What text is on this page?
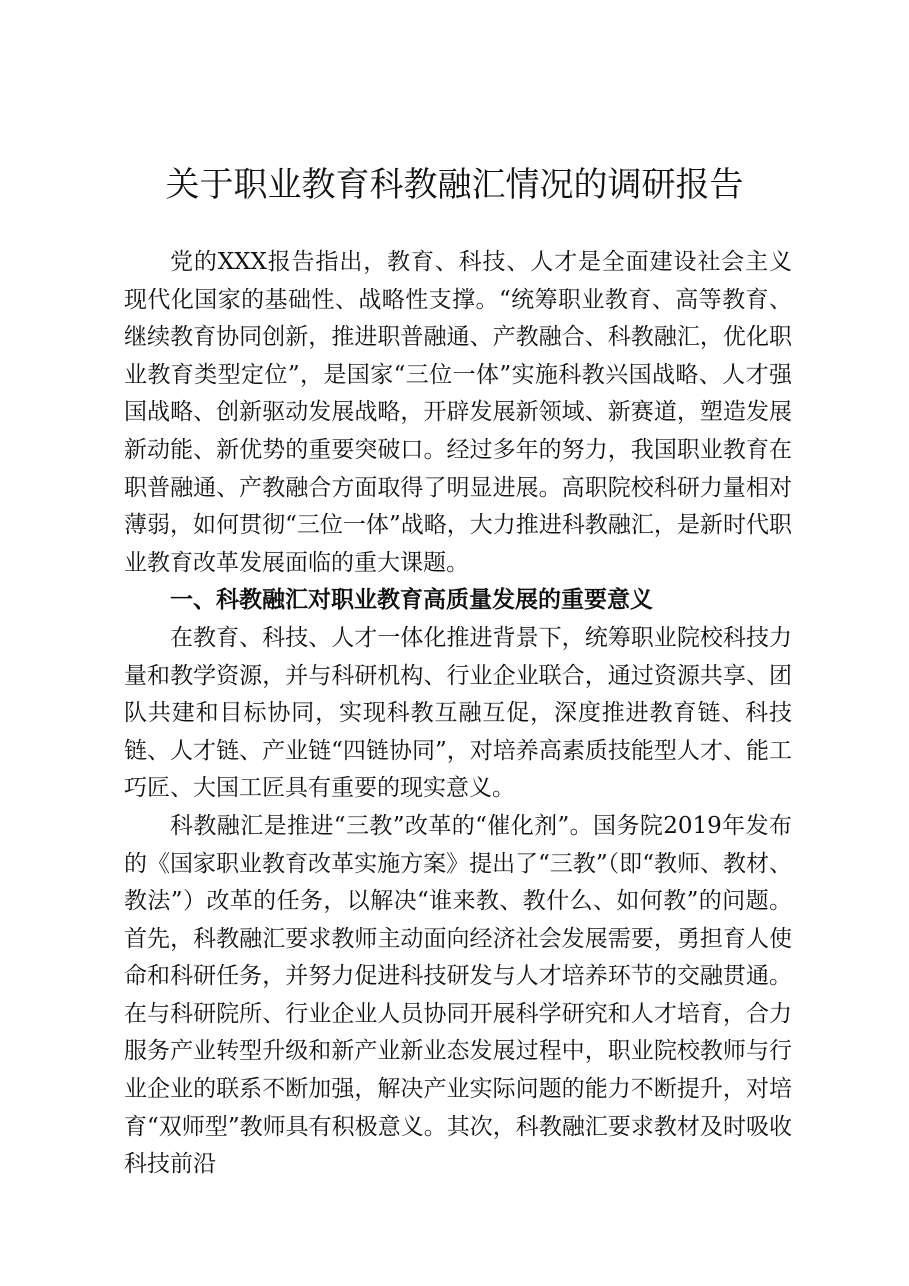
关于职业教育科教融汇情况的调研报告

党的XXX报告指出，教育、科技、人才是全面建设社会主义现代化国家的基础性、战略性支撑。“统筹职业教育、高等教育、继续教育协同创新，推进职普融通、产教融合、科教融汇，优化职业教育类型定位”，是国家“三位一体”实施科教兴国战略、人才强国战略、创新驱动发展战略，开辟发展新领域、新赛道，塑造发展新动能、新优势的重要突破口。经过多年的努力，我国职业教育在职普融通、产教融合方面取得了明显进展。高职院校科研力量相对薄弱，如何贯彻“三位一体”战略，大力推进科教融汇，是新时代职业教育改革发展面临的重大课题。

一、科教融汇对职业教育高质量发展的重要意义

在教育、科技、人才一体化推进背景下，统筹职业院校科技力量和教学资源，并与科研机构、行业企业联合，通过资源共享、团队共建和目标协同，实现科教互融互促，深度推进教育链、科技链、人才链、产业链“四链协同”，对培养高素质技能型人才、能工巧匠、大国工匠具有重要的现实意义。

科教融汇是推进“三教”改革的“催化剂”。国务院2019年发布的《国家职业教育改革实施方案》提出了“三教”（即“教师、教材、教法”）改革的任务，以解决“谁来教、教什么、如何教”的问题。首先，科教融汇要求教师主动面向经济社会发展需要，勇担育人使命和科研任务，并努力促进科技研发与人才培养环节的交融贯通。在与科研院所、行业企业人员协同开展科学研究和人才培育，合力服务产业转型升级和新产业新业态发展过程中，职业院校教师与行业企业的联系不断加强，解决产业实际问题的能力不断提升，对培育“双师型”教师具有积极意义。其次，科教融汇要求教材及时吸收科技前沿
